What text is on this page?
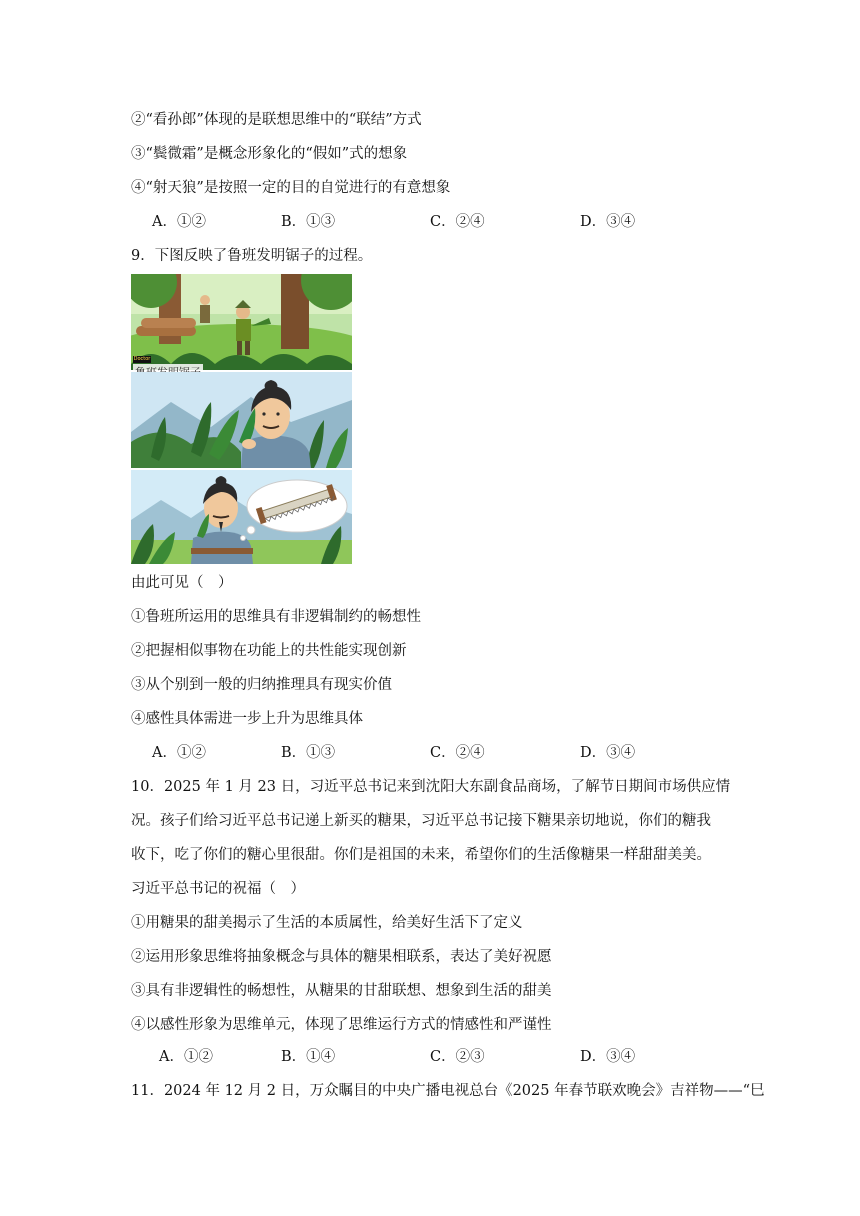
②“看孙郎”体现的是联想思维中的“联结”方式
③“鬓微霜”是概念形象化的“假如”式的想象
④“射天狼”是按照一定的目的自觉进行的有意想象
A．①②	B．①③	C．②④	D．③④
9．下图反映了鲁班发明锯子的过程。
Doctor
由此可见（　）
①鲁班所运用的思维具有非逻辑制约的畅想性
②把握相似事物在功能上的共性能实现创新
③从个别到一般的归纳推理具有现实价值
④感性具体需进一步上升为思维具体
A．①②	B．①③	C．②④	D．③④
10．2025 年 1 月 23 日，习近平总书记来到沈阳大东副食品商场，了解节日期间市场供应情
况。孩子们给习近平总书记递上新买的糖果，习近平总书记接下糖果亲切地说，你们的糖我
收下，吃了你们的糖心里很甜。你们是祖国的未来，希望你们的生活像糖果一样甜甜美美。
习近平总书记的祝福（　）
①用糖果的甜美揭示了生活的本质属性，给美好生活下了定义
②运用形象思维将抽象概念与具体的糖果相联系，表达了美好祝愿
③具有非逻辑性的畅想性，从糖果的甘甜联想、想象到生活的甜美
④以感性形象为思维单元，体现了思维运行方式的情感性和严谨性
A．①②	B．①④	C．②③	D．③④
11．2024 年 12 月 2 日，万众瞩目的中央广播电视总台《2025 年春节联欢晚会》吉祥物——“巳
